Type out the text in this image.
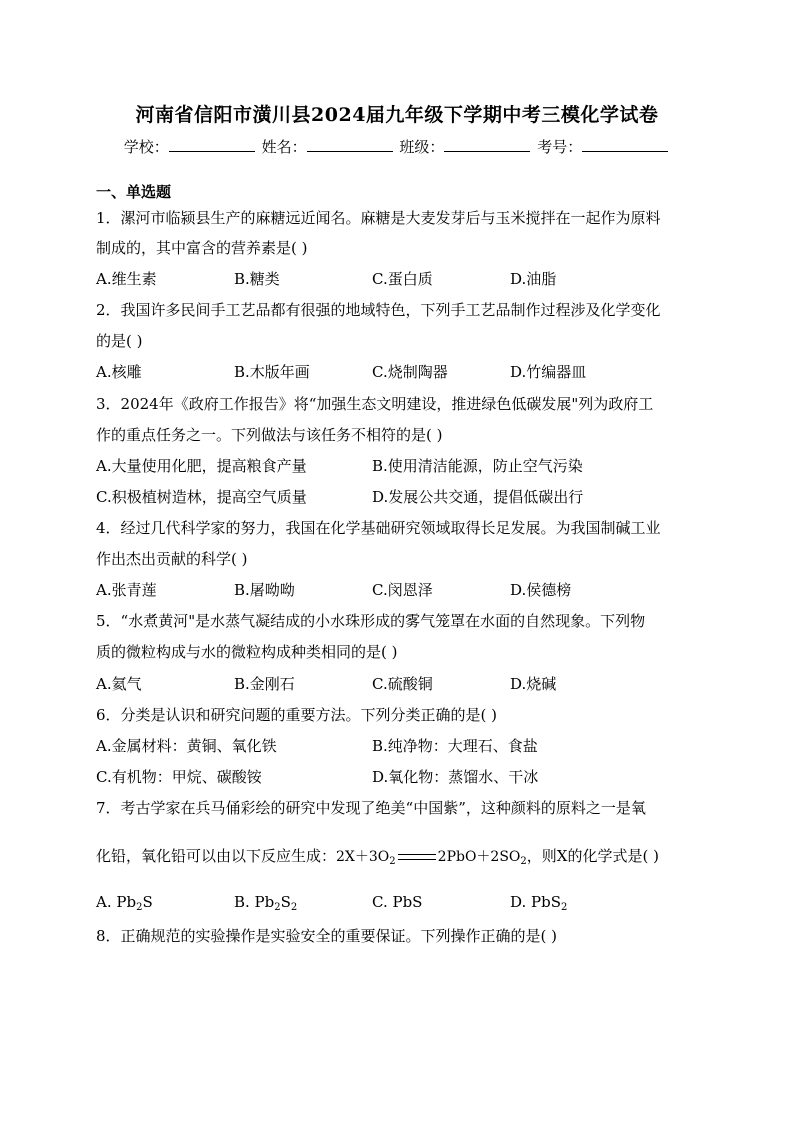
河南省信阳市潢川县2024届九年级下学期中考三模化学试卷
学校：	姓名：	班级：	考号：
一、单选题
1．漯河市临颍县生产的麻糖远近闻名。麻糖是大麦发芽后与玉米搅拌在一起作为原料
制成的，其中富含的营养素是( )
A.维生素	B.糖类	C.蛋白质	D.油脂
2．我国许多民间手工艺品都有很强的地域特色，下列手工艺品制作过程涉及化学变化
的是( )
A.核雕	B.木版年画	C.烧制陶器	D.竹编器皿
3．2024年《政府工作报告》将“加强生态文明建设，推进绿色低碳发展"列为政府工
作的重点任务之一。下列做法与该任务不相符的是( )
A.大量使用化肥，提高粮食产量	B.使用清洁能源，防止空气污染
C.积极植树造林，提高空气质量	D.发展公共交通，提倡低碳出行
4．经过几代科学家的努力，我国在化学基础研究领域取得长足发展。为我国制碱工业
作出杰出贡献的科学( )
A.张青莲	B.屠呦呦	C.闵恩泽	D.侯德榜
5．“水煮黄河"是水蒸气凝结成的小水珠形成的雾气笼罩在水面的自然现象。下列物
质的微粒构成与水的微粒构成种类相同的是( )
A.氦气	B.金刚石	C.硫酸铜	D.烧碱
6．分类是认识和研究问题的重要方法。下列分类正确的是( )
A.金属材料：黄铜、氧化铁	B.纯净物：大理石、食盐
C.有机物：甲烷、碳酸铵	D.氧化物：蒸馏水、干冰
7．考古学家在兵马俑彩绘的研究中发现了绝美“中国紫”，这种颜料的原料之一是氧
化铅，氧化铅可以由以下反应生成：$2X+3O_2$	$2PbO+2SO_2$，则X的化学式是( )
A. $Pb_2S$	B. $Pb_2S_2$	C. PbS	D. PbS$_2$
8．正确规范的实验操作是实验安全的重要保证。下列操作正确的是( )
